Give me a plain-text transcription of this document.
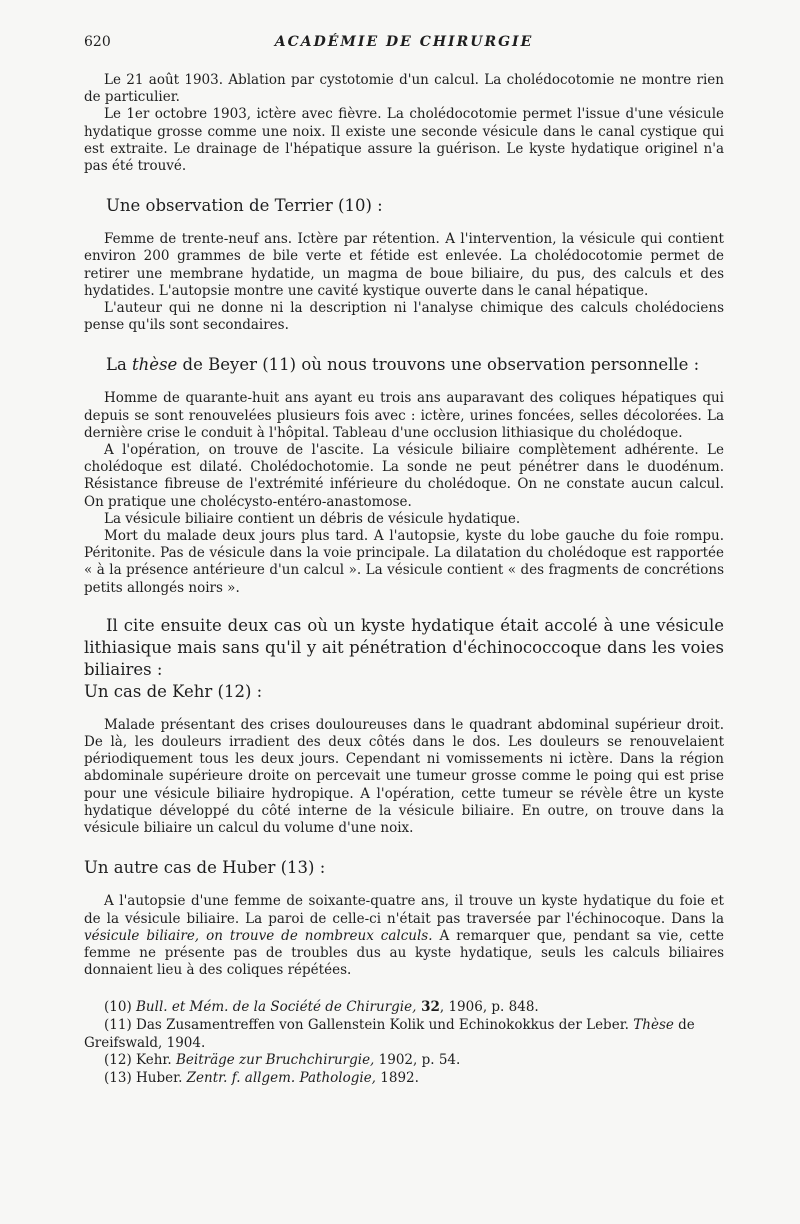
620	ACADÉMIE DE CHIRURGIE

Le 21 août 1903. Ablation par cystotomie d'un calcul. La cholédocotomie ne montre rien de particulier.

Le 1er octobre 1903, ictère avec fièvre. La cholédocotomie permet l'issue d'une vésicule hydatique grosse comme une noix. Il existe une seconde vésicule dans le canal cystique qui est extraite. Le drainage de l'hépatique assure la guérison. Le kyste hydatique originel n'a pas été trouvé.

Une observation de Terrier (10) :

Femme de trente-neuf ans. Ictère par rétention. A l'intervention, la vésicule qui contient environ 200 grammes de bile verte et fétide est enlevée. La cholédocotomie permet de retirer une membrane hydatide, un magma de boue biliaire, du pus, des calculs et des hydatides. L'autopsie montre une cavité kystique ouverte dans le canal hépatique.

L'auteur qui ne donne ni la description ni l'analyse chimique des calculs cholédociens pense qu'ils sont secondaires.

La thèse de Beyer (11) où nous trouvons une observation personnelle :

Homme de quarante-huit ans ayant eu trois ans auparavant des coliques hépatiques qui depuis se sont renouvelées plusieurs fois avec : ictère, urines foncées, selles décolorées. La dernière crise le conduit à l'hôpital. Tableau d'une occlusion lithiasique du cholédoque.

A l'opération, on trouve de l'ascite. La vésicule biliaire complètement adhérente. Le cholédoque est dilaté. Cholédochotomie. La sonde ne peut pénétrer dans le duodénum. Résistance fibreuse de l'extrémité inférieure du cholédoque. On ne constate aucun calcul. On pratique une cholécysto-entéro-anastomose.

La vésicule biliaire contient un débris de vésicule hydatique.

Mort du malade deux jours plus tard. A l'autopsie, kyste du lobe gauche du foie rompu. Péritonite. Pas de vésicule dans la voie principale. La dilatation du cholédoque est rapportée « à la présence antérieure d'un calcul ». La vésicule contient « des fragments de concrétions petits allongés noirs ».

Il cite ensuite deux cas où un kyste hydatique était accolé à une vésicule lithiasique mais sans qu'il y ait pénétration d'échinococcoque dans les voies biliaires :

Un cas de Kehr (12) :

Malade présentant des crises douloureuses dans le quadrant abdominal supérieur droit. De là, les douleurs irradient des deux côtés dans le dos. Les douleurs se renouvelaient périodiquement tous les deux jours. Cependant ni vomissements ni ictère. Dans la région abdominale supérieure droite on percevait une tumeur grosse comme le poing qui est prise pour une vésicule biliaire hydropique. A l'opération, cette tumeur se révèle être un kyste hydatique développé du côté interne de la vésicule biliaire. En outre, on trouve dans la vésicule biliaire un calcul du volume d'une noix.

Un autre cas de Huber (13) :

A l'autopsie d'une femme de soixante-quatre ans, il trouve un kyste hydatique du foie et de la vésicule biliaire. La paroi de celle-ci n'était pas traversée par l'échinocoque. Dans la vésicule biliaire, on trouve de nombreux calculs. A remarquer que, pendant sa vie, cette femme ne présente pas de troubles dus au kyste hydatique, seuls les calculs biliaires donnaient lieu à des coliques répétées.

(10) Bull. et Mém. de la Société de Chirurgie, 32, 1906, p. 848.

(11) Das Zusamentreffen von Gallenstein Kolik und Echinokokkus der Leber. Thèse de Greifswald, 1904.

(12) Kehr. Beiträge zur Bruchchirurgie, 1902, p. 54.

(13) Huber. Zentr. f. allgem. Pathologie, 1892.
